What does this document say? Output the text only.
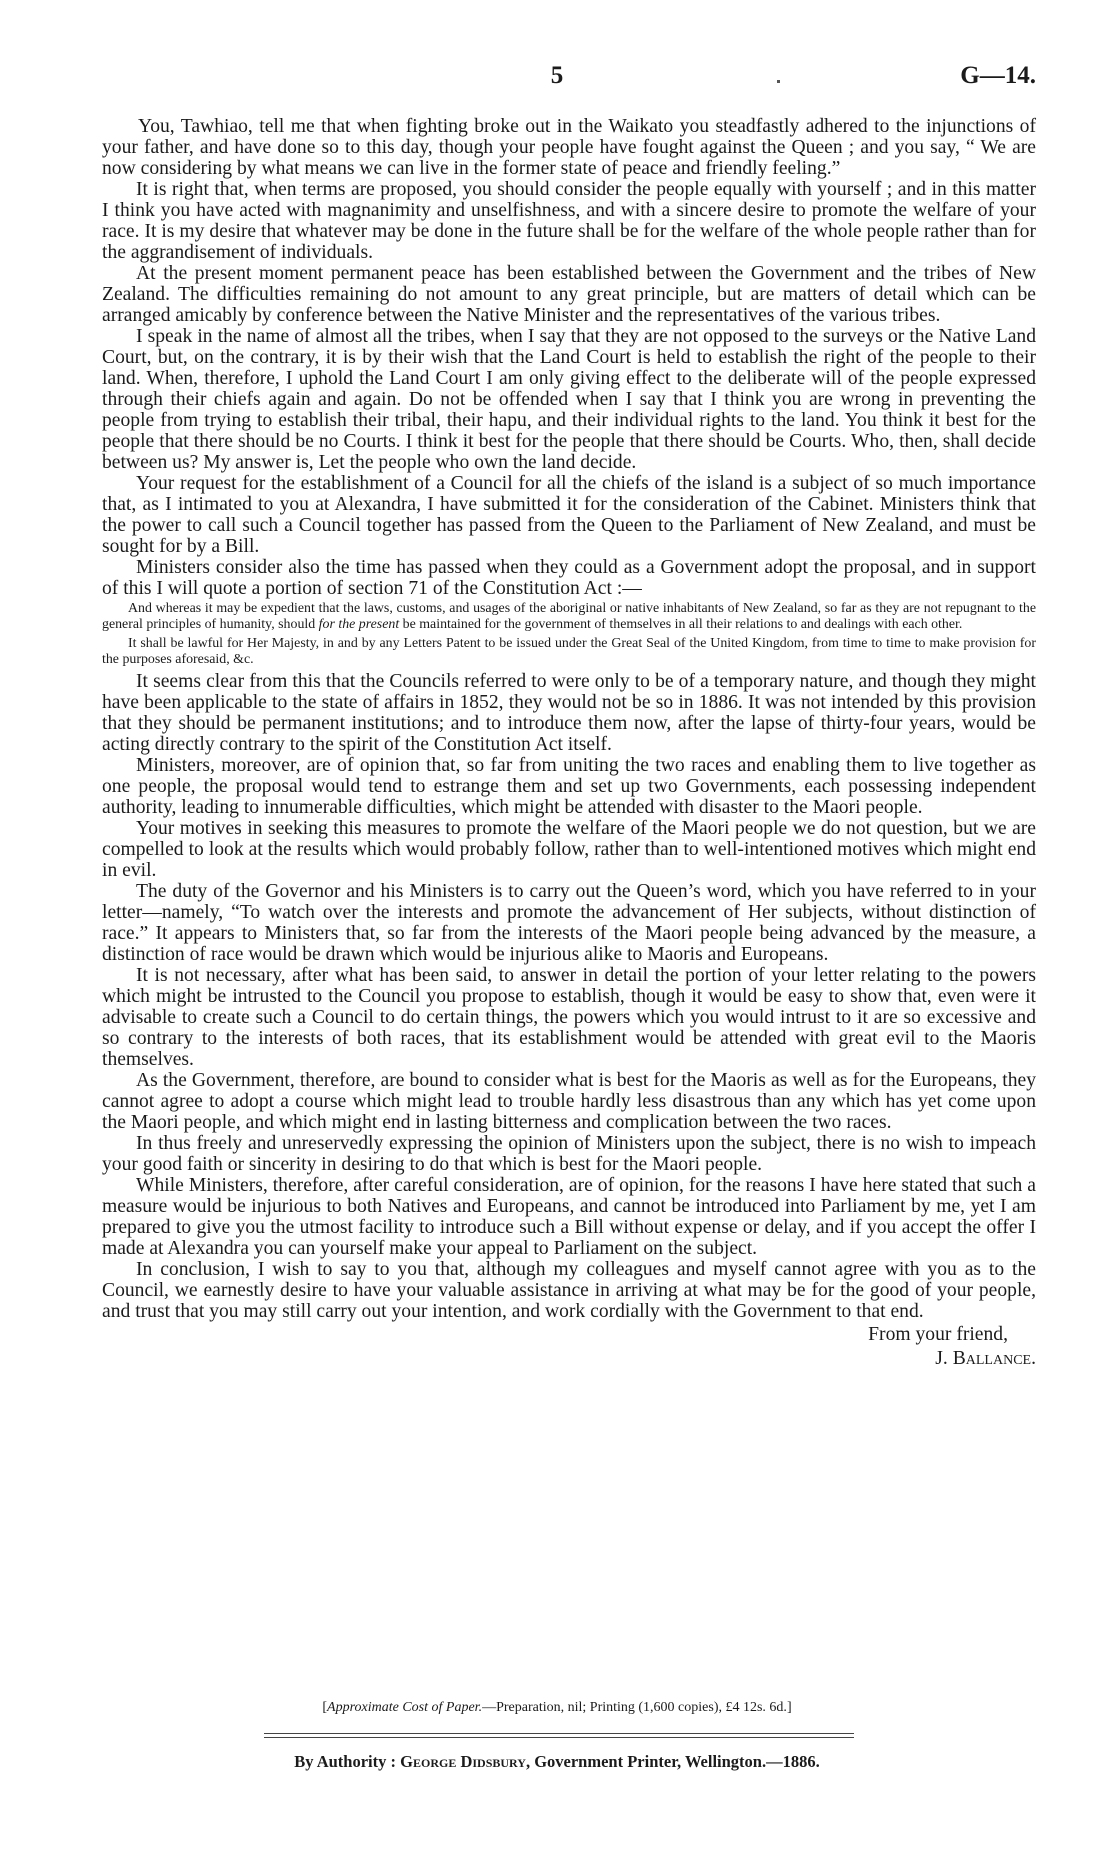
5	G—14.

You, Tawhiao, tell me that when fighting broke out in the Waikato you steadfastly adhered to the injunctions of your father, and have done so to this day, though your people have fought against the Queen ; and you say, “ We are now considering by what means we can live in the former state of peace and friendly feeling.”

It is right that, when terms are proposed, you should consider the people equally with yourself ; and in this matter I think you have acted with magnanimity and unselfishness, and with a sincere desire to promote the welfare of your race. It is my desire that whatever may be done in the future shall be for the welfare of the whole people rather than for the aggrandisement of individuals.

At the present moment permanent peace has been established between the Government and the tribes of New Zealand. The difficulties remaining do not amount to any great principle, but are matters of detail which can be arranged amicably by conference between the Native Minister and the representatives of the various tribes.

I speak in the name of almost all the tribes, when I say that they are not opposed to the surveys or the Native Land Court, but, on the contrary, it is by their wish that the Land Court is held to establish the right of the people to their land. When, therefore, I uphold the Land Court I am only giving effect to the deliberate will of the people expressed through their chiefs again and again. Do not be offended when I say that I think you are wrong in preventing the people from trying to establish their tribal, their hapu, and their individual rights to the land. You think it best for the people that there should be no Courts. I think it best for the people that there should be Courts. Who, then, shall decide between us? My answer is, Let the people who own the land decide.

Your request for the establishment of a Council for all the chiefs of the island is a subject of so much importance that, as I intimated to you at Alexandra, I have submitted it for the consideration of the Cabinet. Ministers think that the power to call such a Council together has passed from the Queen to the Parliament of New Zealand, and must be sought for by a Bill.

Ministers consider also the time has passed when they could as a Government adopt the proposal, and in support of this I will quote a portion of section 71 of the Constitution Act :—

And whereas it may be expedient that the laws, customs, and usages of the aboriginal or native inhabitants of New Zealand, so far as they are not repugnant to the general principles of humanity, should for the present be maintained for the government of themselves in all their relations to and dealings with each other.

It shall be lawful for Her Majesty, in and by any Letters Patent to be issued under the Great Seal of the United Kingdom, from time to time to make provision for the purposes aforesaid, &c.

It seems clear from this that the Councils referred to were only to be of a temporary nature, and though they might have been applicable to the state of affairs in 1852, they would not be so in 1886. It was not intended by this provision that they should be permanent institutions; and to introduce them now, after the lapse of thirty-four years, would be acting directly contrary to the spirit of the Constitution Act itself.

Ministers, moreover, are of opinion that, so far from uniting the two races and enabling them to live together as one people, the proposal would tend to estrange them and set up two Governments, each possessing independent authority, leading to innumerable difficulties, which might be attended with disaster to the Maori people.

Your motives in seeking this measures to promote the welfare of the Maori people we do not question, but we are compelled to look at the results which would probably follow, rather than to well-intentioned motives which might end in evil.

The duty of the Governor and his Ministers is to carry out the Queen’s word, which you have referred to in your letter—namely, “To watch over the interests and promote the advancement of Her subjects, without distinction of race.” It appears to Ministers that, so far from the interests of the Maori people being advanced by the measure, a distinction of race would be drawn which would be injurious alike to Maoris and Europeans.

It is not necessary, after what has been said, to answer in detail the portion of your letter relating to the powers which might be intrusted to the Council you propose to establish, though it would be easy to show that, even were it advisable to create such a Council to do certain things, the powers which you would intrust to it are so excessive and so contrary to the interests of both races, that its establishment would be attended with great evil to the Maoris themselves.

As the Government, therefore, are bound to consider what is best for the Maoris as well as for the Europeans, they cannot agree to adopt a course which might lead to trouble hardly less disastrous than any which has yet come upon the Maori people, and which might end in lasting bitterness and complication between the two races.

In thus freely and unreservedly expressing the opinion of Ministers upon the subject, there is no wish to impeach your good faith or sincerity in desiring to do that which is best for the Maori people.

While Ministers, therefore, after careful consideration, are of opinion, for the reasons I have here stated that such a measure would be injurious to both Natives and Europeans, and cannot be introduced into Parliament by me, yet I am prepared to give you the utmost facility to introduce such a Bill without expense or delay, and if you accept the offer I made at Alexandra you can yourself make your appeal to Parliament on the subject.

In conclusion, I wish to say to you that, although my colleagues and myself cannot agree with you as to the Council, we earnestly desire to have your valuable assistance in arriving at what may be for the good of your people, and trust that you may still carry out your intention, and work cordially with the Government to that end.

From your friend,

J. Ballance.

[Approximate Cost of Paper.—Preparation, nil; Printing (1,600 copies), £4 12s. 6d.]
By Authority : George Didsbury, Government Printer, Wellington.—1886.
